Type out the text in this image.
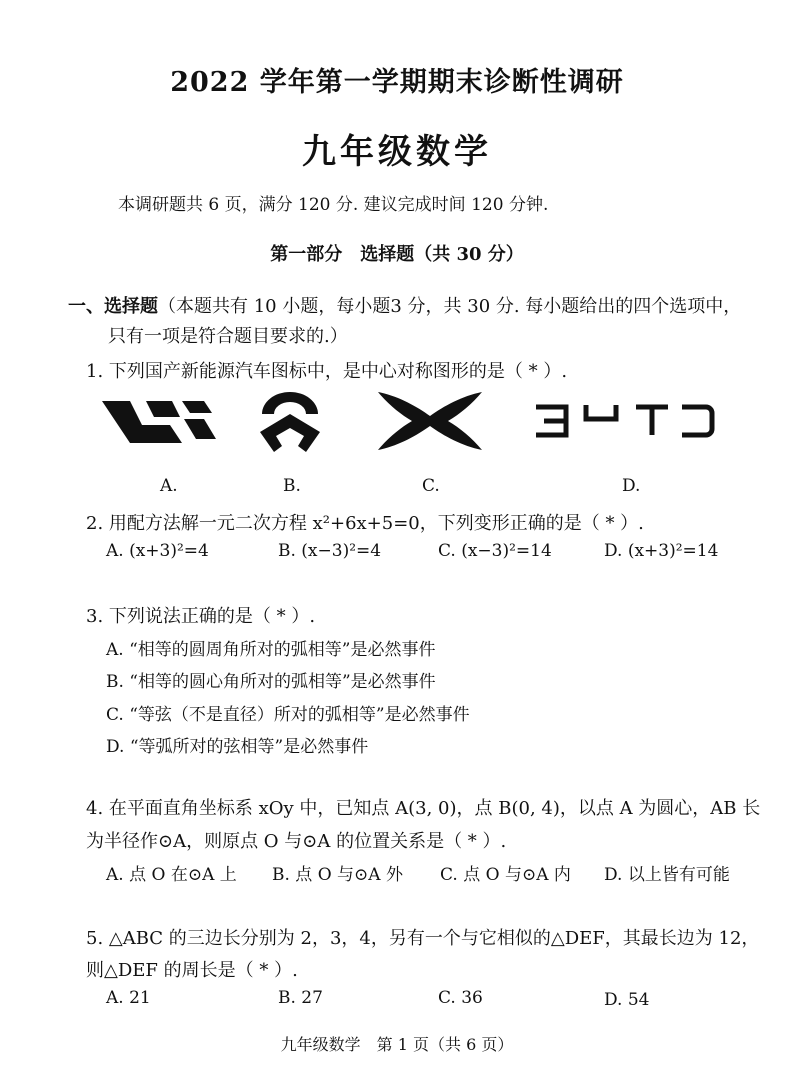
2022 学年第一学期期末诊断性调研
九年级数学
本调研题共 6 页，满分 120 分. 建议完成时间 120 分钟.
第一部分　选择题（共 30 分）
一、选择题（本题共有 10 小题，每小题3 分，共 30 分. 每小题给出的四个选项中，
只有一项是符合题目要求的.）
1. 下列国产新能源汽车图标中，是中心对称图形的是（ * ）.
A.	B.	C.	D.
2. 用配方法解一元二次方程 x²+6x+5=0，下列变形正确的是（ * ）.
A. (x+3)²=4	B. (x−3)²=4	C. (x−3)²=14	D. (x+3)²=14
3. 下列说法正确的是（ * ）.
A. “相等的圆周角所对的弧相等”是必然事件
B. “相等的圆心角所对的弧相等”是必然事件
C. “等弦（不是直径）所对的弧相等”是必然事件
D. “等弧所对的弦相等”是必然事件
4. 在平面直角坐标系 xOy 中，已知点 A(3, 0)，点 B(0, 4)，以点 A 为圆心，AB 长
为半径作⊙A，则原点 O 与⊙A 的位置关系是（ * ）.
A. 点 O 在⊙A 上 B. 点 O 与⊙A 外 C. 点 O 与⊙A 内 D. 以上皆有可能
5. △ABC 的三边长分别为 2，3，4，另有一个与它相似的△DEF，其最长边为 12，
则△DEF 的周长是（ * ）.
A. 21	B. 27	C. 36	D. 54
九年级数学　第 1 页（共 6 页）
